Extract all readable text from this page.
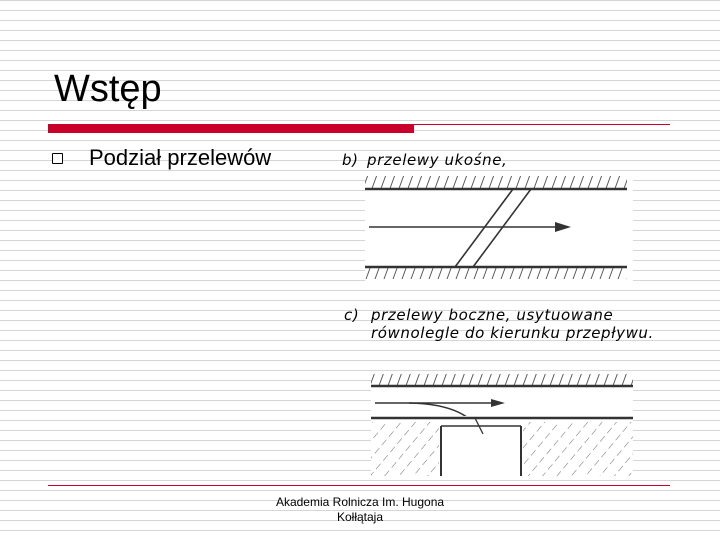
Wstęp
Podział przelewów	b) przelewy ukośne,
c) przelewy boczne, usytuowane równolegle do kierunku przepływu.
Akademia Rolnicza Im. Hugona
Kołłątaja
